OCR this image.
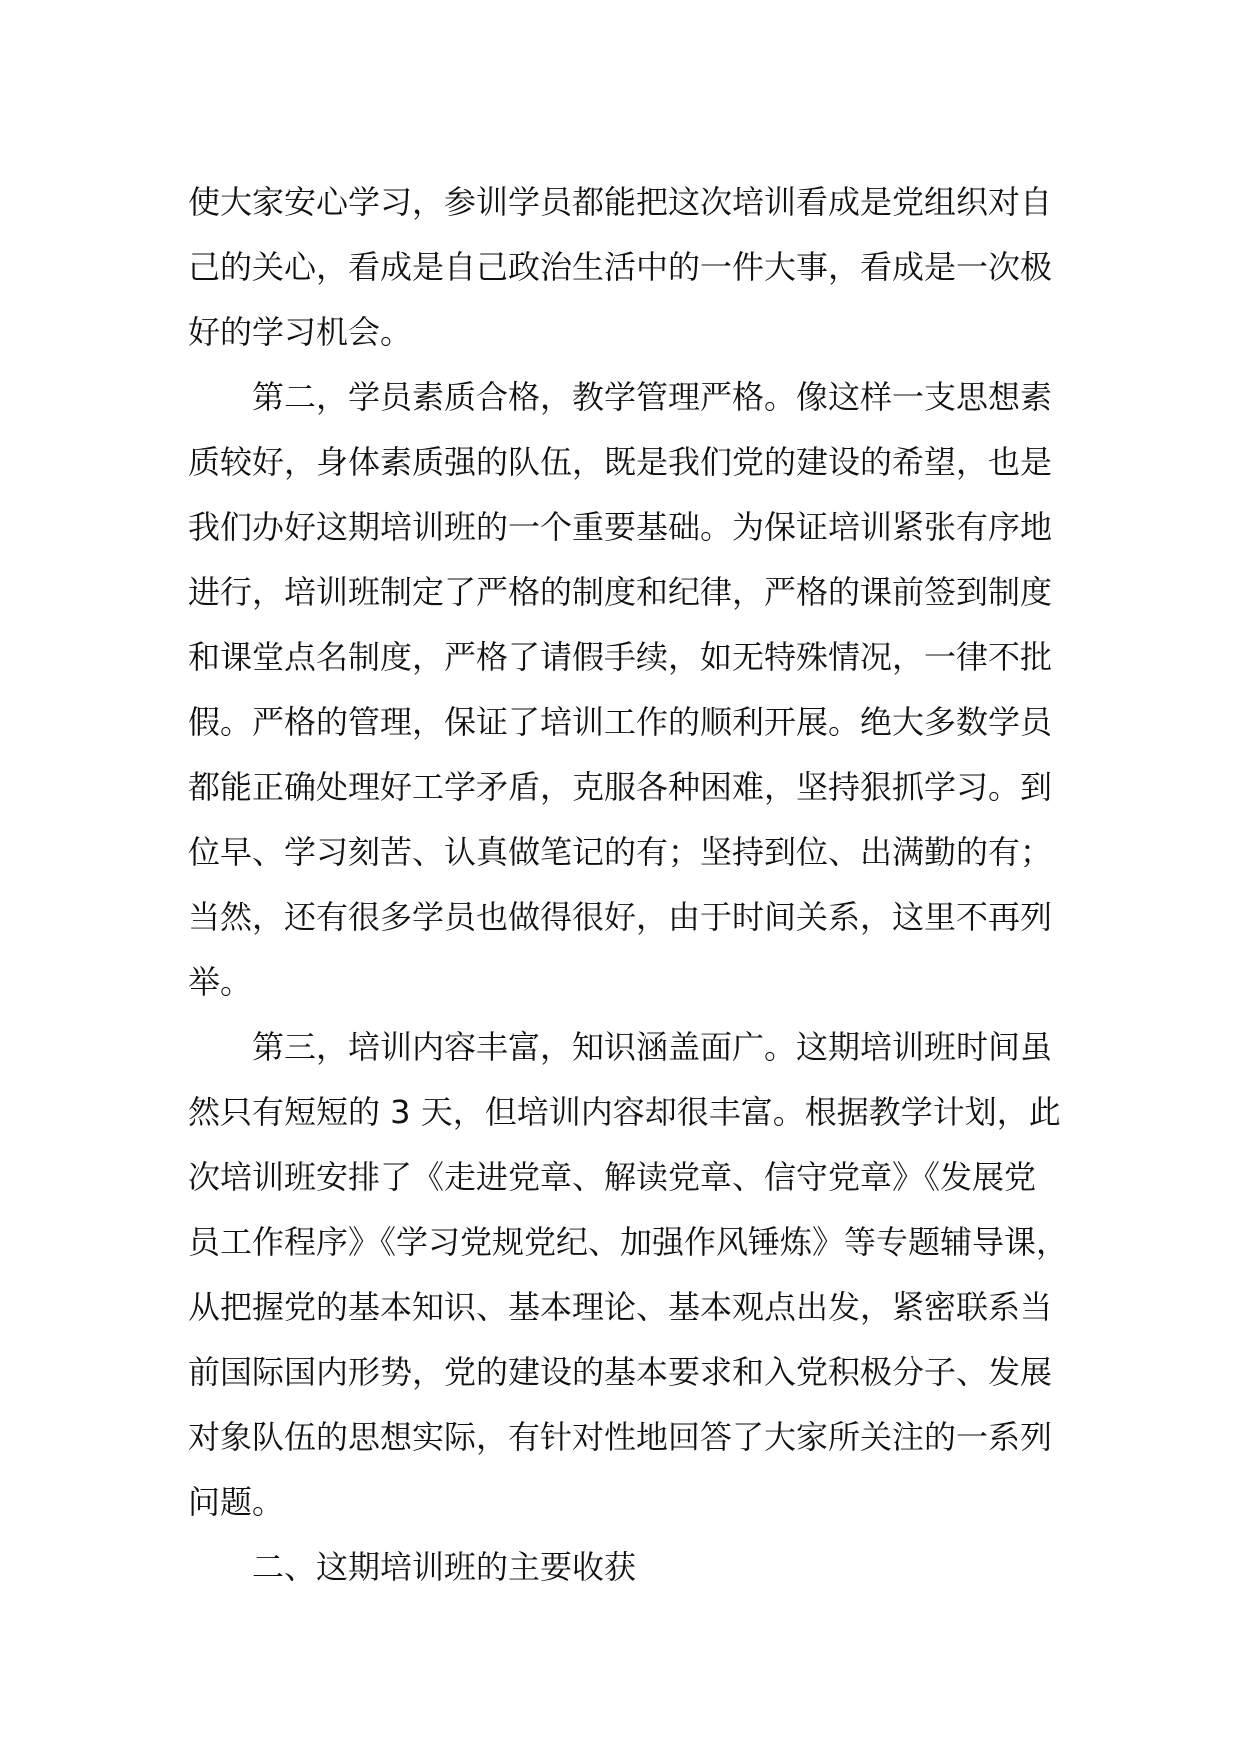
使大家安心学习，参训学员都能把这次培训看成是党组织对自
己的关心，看成是自己政治生活中的一件大事，看成是一次极
好的学习机会。
第二，学员素质合格，教学管理严格。像这样一支思想素
质较好，身体素质强的队伍，既是我们党的建设的希望，也是
我们办好这期培训班的一个重要基础。为保证培训紧张有序地
进行，培训班制定了严格的制度和纪律，严格的课前签到制度
和课堂点名制度，严格了请假手续，如无特殊情况，一律不批
假。严格的管理，保证了培训工作的顺利开展。绝大多数学员
都能正确处理好工学矛盾，克服各种困难，坚持狠抓学习。到
位早、学习刻苦、认真做笔记的有；坚持到位、出满勤的有；
当然，还有很多学员也做得很好，由于时间关系，这里不再列
举。
第三，培训内容丰富，知识涵盖面广。这期培训班时间虽
然只有短短的 3 天，但培训内容却很丰富。根据教学计划，此
次培训班安排了《走进党章、解读党章、信守党章》《发展党
员工作程序》《学习党规党纪、加强作风锤炼》等专题辅导课，
从把握党的基本知识、基本理论、基本观点出发，紧密联系当
前国际国内形势，党的建设的基本要求和入党积极分子、发展
对象队伍的思想实际，有针对性地回答了大家所关注的一系列
问题。
二、这期培训班的主要收获
